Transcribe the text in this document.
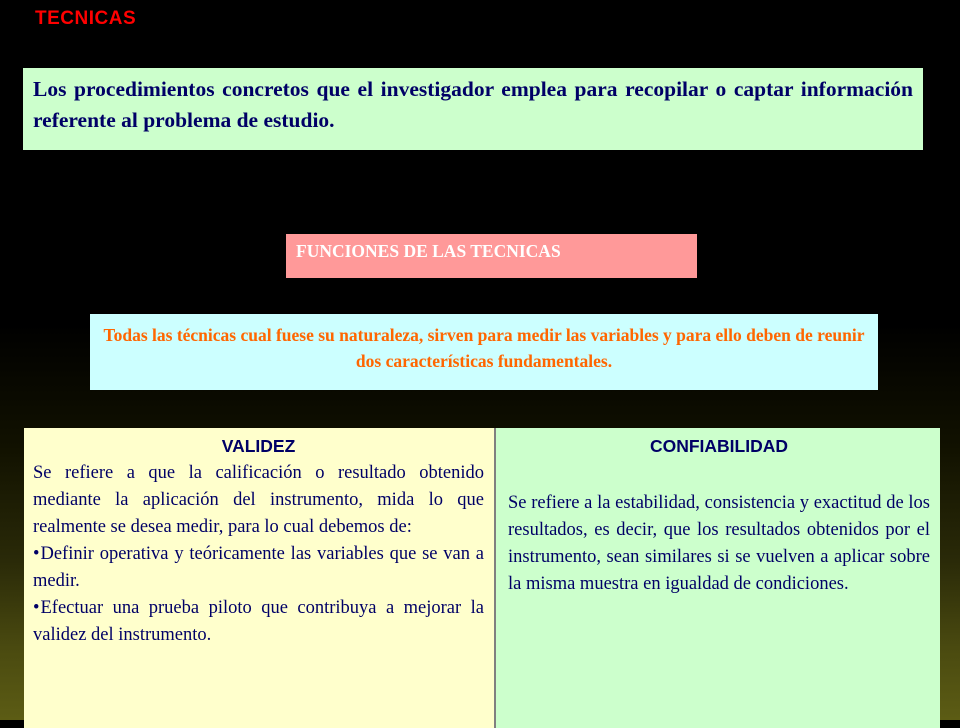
TECNICAS
Los procedimientos concretos que el investigador emplea para recopilar o captar información referente al problema de estudio.
FUNCIONES DE LAS TECNICAS
Todas las técnicas cual fuese su naturaleza, sirven para medir las variables y para ello deben de reunir dos características fundamentales.
VALIDEZ
Se refiere a que la calificación o resultado obtenido mediante la aplicación del instrumento, mida lo que realmente se desea medir, para lo cual debemos de:
•Definir operativa y teóricamente las variables que se van a medir.
•Efectuar una prueba piloto que contribuya a mejorar la validez del instrumento.
CONFIABILIDAD
Se refiere a la estabilidad, consistencia y exactitud de los resultados, es decir, que los resultados obtenidos por el instrumento, sean similares si se vuelven a aplicar sobre la misma muestra en igualdad de condiciones.
